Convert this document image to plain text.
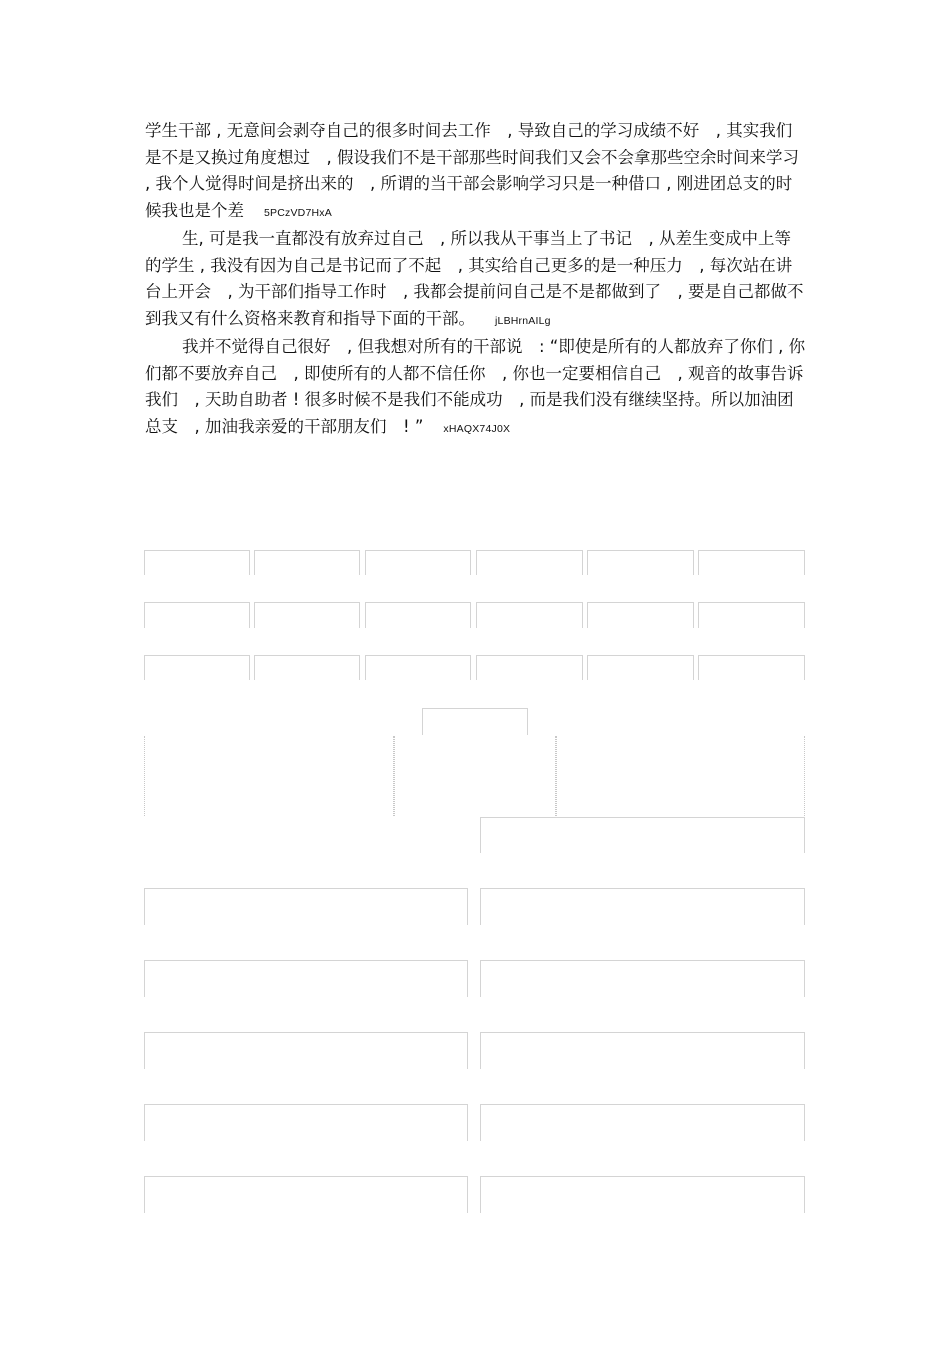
学生干部 , 无意间会剥夺自己的很多时间去工作　, 导致自己的学习成绩不好　, 其实我们是不是又换过角度想过　, 假设我们不是干部那些时间我们又会不会拿那些空余时间来学习 , 我个人觉得时间是挤出来的　, 所谓的当干部会影响学习只是一种借口 , 刚进团总支的时候我也是个差 5PCzVD7HxA

生, 可是我一直都没有放弃过自己　, 所以我从干事当上了书记　, 从差生变成中上等的学生 , 我没有因为自己是书记而了不起　, 其实给自己更多的是一种压力　, 每次站在讲台上开会　, 为干部们指导工作时　, 我都会提前问自己是不是都做到了　, 要是自己都做不到我又有什么资格来教育和指导下面的干部。 jLBHrnAILg

我并不觉得自己很好　, 但我想对所有的干部说　: “即使是所有的人都放弃了你们 , 你们都不要放弃自己　, 即使所有的人都不信任你　, 你也一定要相信自己　, 观音的故事告诉我们　, 天助自助者 ! 很多时候不是我们不能成功　, 而是我们没有继续坚持。所以加油团总支　, 加油我亲爱的干部朋友们　! ” xHAQX74J0X
